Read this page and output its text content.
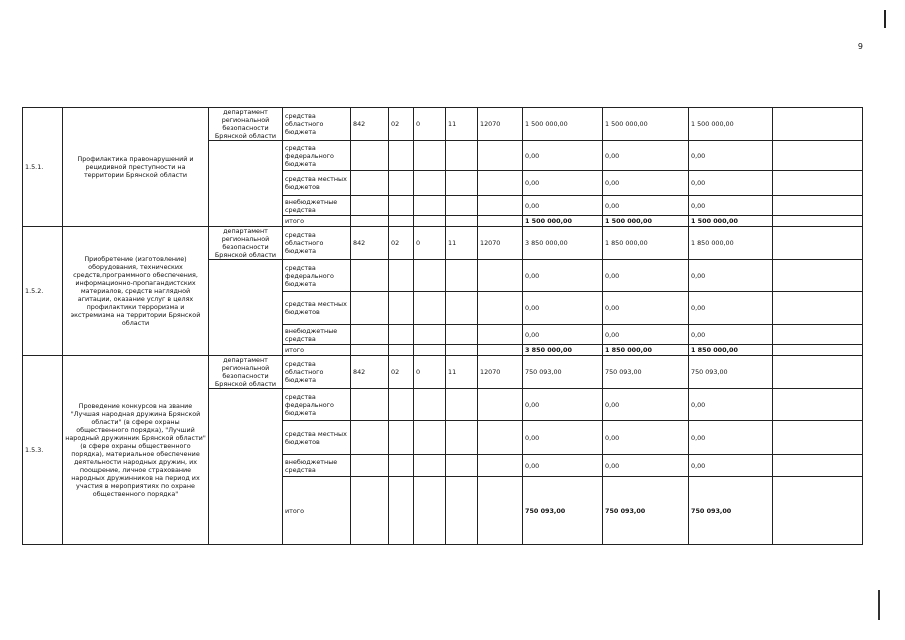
9
1.5.1.	Профилактика правонарушений и рецидивной преступности на территории Брянской области	департамент региональной безопасности Брянской области	средства областного бюджета	842	02	0	11	12070	1 500 000,00	1 500 000,00	1 500 000,00	
			средства федерального бюджета						0,00	0,00	0,00	
			средства местных бюджетов						0,00	0,00	0,00	
			внебюджетные средства						0,00	0,00	0,00	
			итого						1 500 000,00	1 500 000,00	1 500 000,00	
1.5.2.	Приобретение (изготовление) оборудования, технических средств,программного обеспечения, информационно-пропагандистских материалов, средств наглядной агитации, оказание услуг в целях профилактики терроризма и экстремизма на территории Брянской области	департамент региональной безопасности Брянской области	средства областного бюджета	842	02	0	11	12070	3 850 000,00	1 850 000,00	1 850 000,00	
			средства федерального бюджета						0,00	0,00	0,00	
			средства местных бюджетов						0,00	0,00	0,00	
			внебюджетные средства						0,00	0,00	0,00	
			итого						3 850 000,00	1 850 000,00	1 850 000,00	
1.5.3.	Проведение конкурсов на звание "Лучшая народная дружина Брянской области" (в сфере охраны общественного порядка), "Лучший народный дружинник Брянской области" (в сфере охраны общественного порядка), материальное обеспечение деятельности народных дружин, их поощрение, личное страхование народных дружинников на период их участия в мероприятиях по охране общественного порядка"	департамент региональной безопасности Брянской области	средства областного бюджета	842	02	0	11	12070	750 093,00	750 093,00	750 093,00	
			средства федерального бюджета						0,00	0,00	0,00	
			средства местных бюджетов						0,00	0,00	0,00	
			внебюджетные средства						0,00	0,00	0,00	
			итого						750 093,00	750 093,00	750 093,00	
